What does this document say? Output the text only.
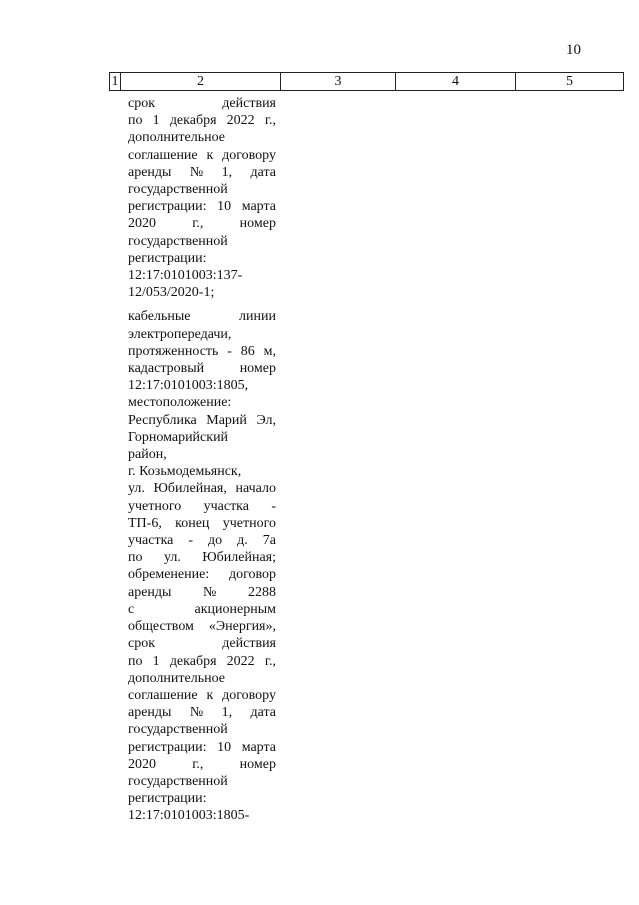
10
1	2	3	4	5
срок	действия
по 1 декабря 2022 г.,
дополнительное
соглашение к договору
аренды № 1, дата
государственной
регистрации: 10 марта
2020	г.,	номер
государственной
регистрации:
12:17:0101003:137-
12/053/2020-1;
кабельные	линии
электропередачи,
протяженность - 86 м,
кадастровый	номер
12:17:0101003:1805,
местоположение:
Республика Марий Эл,
Горномарийский
район,
г. Козьмодемьянск,
ул. Юбилейная, начало
учетного участка -
ТП-6, конец учетного
участка - до д. 7а
по ул. Юбилейная;
обременение: договор
аренды № 2288
с	акционерным
обществом «Энергия»,
срок	действия
по 1 декабря 2022 г.,
дополнительное
соглашение к договору
аренды № 1, дата
государственной
регистрации: 10 марта
2020	г.,	номер
государственной
регистрации:
12:17:0101003:1805-
